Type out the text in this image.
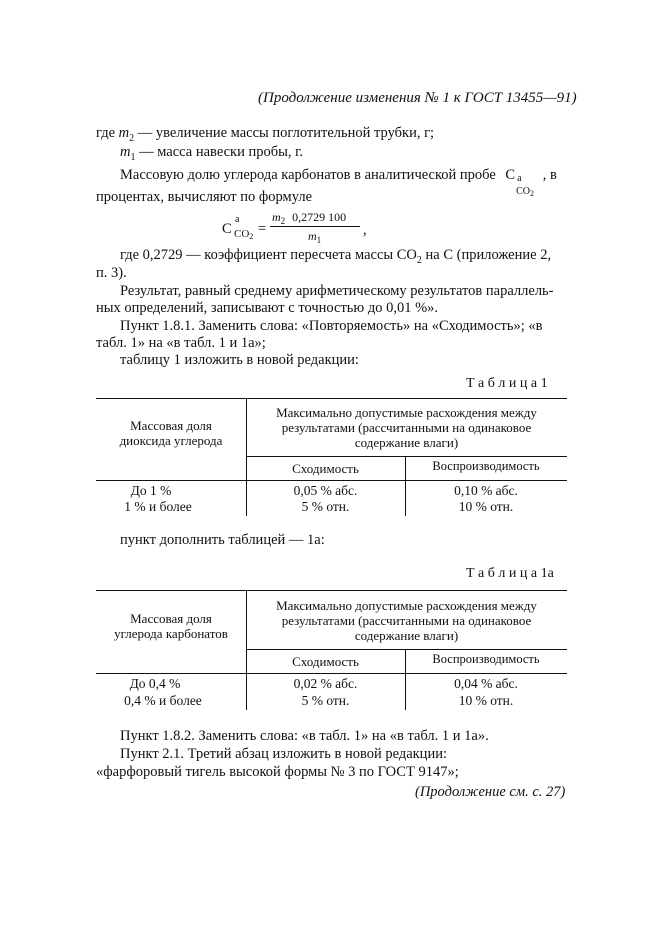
(Продолжение изменения № 1 к ГОСТ 13455—91)
где $m_2$ — увеличение массы поглотительной трубки, г;
$m_1$ — масса навески пробы, г.
Массовую долю углерода карбонатов в аналитической пробе C a
$CO_2$
, в
процентах, вычисляют по формуле
C
a
CO2 =
$m_2$ 0,2729 100
$m_1$
,
где 0,2729 — коэффициент пересчета массы $CO_2$ на C (приложение 2,
п. 3).
Результат, равный среднему арифметическому результатов параллель-
ных определений, записывают с точностью до 0,01 %».
Пункт 1.8.1. Заменить слова: «Повторяемость» на «Сходимость»; «в
табл. 1» на «в табл. 1 и 1а»;
таблицу 1 изложить в новой редакции:
Т а б л и ц а 1
Массовая доля
диоксида углерода
Максимально допустимые расхождения между
результатами (рассчитанными на одинаковое
содержание влаги)
Сходимость	Воспроизводимость
До 1 %	0,05 % абс.	0,10 % абс.
1 % и более	5 % отн.	10 % отн.
пункт дополнить таблицей — 1а:
Т а б л и ц а 1а
Массовая доля
углерода карбонатов
Максимально допустимые расхождения между
результатами (рассчитанными на одинаковое
содержание влаги)
Сходимость	Воспроизводимость
До 0,4 %	0,02 % абс.	0,04 % абс.
0,4 % и более	5 % отн.	10 % отн.
Пункт 1.8.2. Заменить слова: «в табл. 1» на «в табл. 1 и 1а».
Пункт 2.1. Третий абзац изложить в новой редакции:
«фарфоровый тигель высокой формы № 3 по ГОСТ 9147»;
(Продолжение см. с. 27)
